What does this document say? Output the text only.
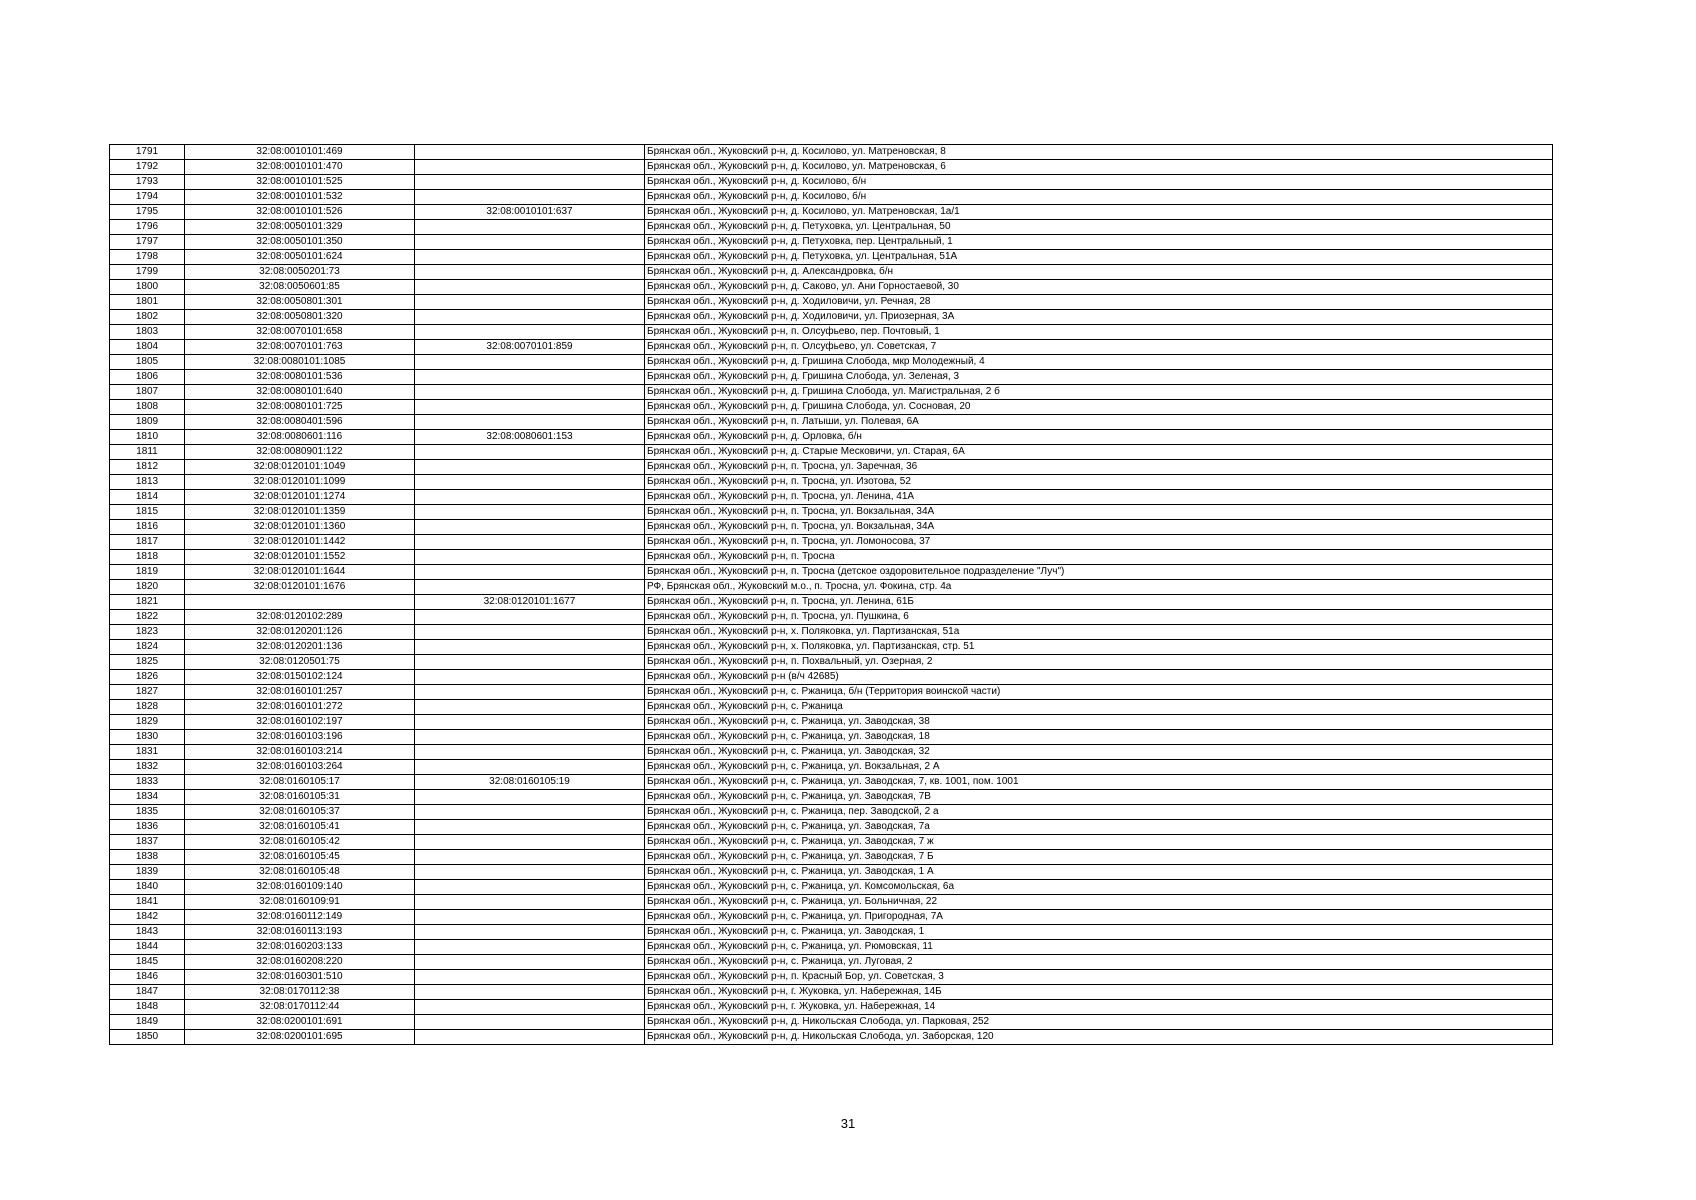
1791	32:08:0010101:469		Брянская обл., Жуковский р-н, д. Косилово, ул. Матреновская, 8
1792	32:08:0010101:470		Брянская обл., Жуковский р-н, д. Косилово, ул. Матреновская, 6
1793	32:08:0010101:525		Брянская обл., Жуковский р-н, д. Косилово, б/н
1794	32:08:0010101:532		Брянская обл., Жуковский р-н, д. Косилово, б/н
1795	32:08:0010101:526	32:08:0010101:637	Брянская обл., Жуковский р-н, д. Косилово, ул. Матреновская, 1а/1
1796	32:08:0050101:329		Брянская обл., Жуковский р-н, д. Петуховка, ул. Центральная, 50
1797	32:08:0050101:350		Брянская обл., Жуковский р-н, д. Петуховка, пер. Центральный, 1
1798	32:08:0050101:624		Брянская обл., Жуковский р-н, д. Петуховка, ул. Центральная, 51А
1799	32:08:0050201:73		Брянская обл., Жуковский р-н, д. Александровка, б/н
1800	32:08:0050601:85		Брянская обл., Жуковский р-н, д. Саково, ул. Ани Горностаевой, 30
1801	32:08:0050801:301		Брянская обл., Жуковский р-н, д. Ходиловичи, ул. Речная, 28
1802	32:08:0050801:320		Брянская обл., Жуковский р-н, д. Ходиловичи, ул. Приозерная, 3А
1803	32:08:0070101:658		Брянская обл., Жуковский р-н, п. Олсуфьево, пер. Почтовый, 1
1804	32:08:0070101:763	32:08:0070101:859	Брянская обл., Жуковский р-н, п. Олсуфьево, ул. Советская, 7
1805	32:08:0080101:1085		Брянская обл., Жуковский р-н, д. Гришина Слобода, мкр Молодежный, 4
1806	32:08:0080101:536		Брянская обл., Жуковский р-н, д. Гришина Слобода, ул. Зеленая, 3
1807	32:08:0080101:640		Брянская обл., Жуковский р-н, д. Гришина Слобода, ул. Магистральная, 2 б
1808	32:08:0080101:725		Брянская обл., Жуковский р-н, д. Гришина Слобода, ул. Сосновая, 20
1809	32:08:0080401:596		Брянская обл., Жуковский р-н, п. Латыши, ул. Полевая, 6А
1810	32:08:0080601:116	32:08:0080601:153	Брянская обл., Жуковский р-н, д. Орловка, б/н
1811	32:08:0080901:122		Брянская обл., Жуковский р-н, д. Старые Месковичи, ул. Старая, 6А
1812	32:08:0120101:1049		Брянская обл., Жуковский р-н, п. Тросна, ул. Заречная, 36
1813	32:08:0120101:1099		Брянская обл., Жуковский р-н, п. Тросна, ул. Изотова, 52
1814	32:08:0120101:1274		Брянская обл., Жуковский р-н, п. Тросна, ул. Ленина, 41А
1815	32:08:0120101:1359		Брянская обл., Жуковский р-н, п. Тросна, ул. Вокзальная, 34А
1816	32:08:0120101:1360		Брянская обл., Жуковский р-н, п. Тросна, ул. Вокзальная, 34А
1817	32:08:0120101:1442		Брянская обл., Жуковский р-н, п. Тросна, ул. Ломоносова, 37
1818	32:08:0120101:1552		Брянская обл., Жуковский р-н, п. Тросна
1819	32:08:0120101:1644		Брянская обл., Жуковский р-н, п. Тросна (детское оздоровительное подразделение "Луч")
1820	32:08:0120101:1676		РФ, Брянская обл., Жуковский м.о., п. Тросна, ул. Фокина, стр. 4а
1821		32:08:0120101:1677	Брянская обл., Жуковский р-н, п. Тросна, ул. Ленина, 61Б
1822	32:08:0120102:289		Брянская обл., Жуковский р-н, п. Тросна, ул. Пушкина, 6
1823	32:08:0120201:126		Брянская обл., Жуковский р-н, х. Поляковка, ул. Партизанская, 51а
1824	32:08:0120201:136		Брянская обл., Жуковский р-н, х. Поляковка, ул. Партизанская, стр. 51
1825	32:08:0120501:75		Брянская обл., Жуковский р-н, п. Похвальный, ул. Озерная, 2
1826	32:08:0150102:124		Брянская обл., Жуковский р-н (в/ч 42685)
1827	32:08:0160101:257		Брянская обл., Жуковский р-н, с. Ржаница, б/н (Территория воинской части)
1828	32:08:0160101:272		Брянская обл., Жуковский р-н, с. Ржаница
1829	32:08:0160102:197		Брянская обл., Жуковский р-н, с. Ржаница, ул. Заводская, 38
1830	32:08:0160103:196		Брянская обл., Жуковский р-н, с. Ржаница, ул. Заводская, 18
1831	32:08:0160103:214		Брянская обл., Жуковский р-н, с. Ржаница, ул. Заводская, 32
1832	32:08:0160103:264		Брянская обл., Жуковский р-н, с. Ржаница, ул. Вокзальная, 2 А
1833	32:08:0160105:17	32:08:0160105:19	Брянская обл., Жуковский р-н, с. Ржаница, ул. Заводская, 7, кв. 1001, пом. 1001
1834	32:08:0160105:31		Брянская обл., Жуковский р-н, с. Ржаница, ул. Заводская, 7В
1835	32:08:0160105:37		Брянская обл., Жуковский р-н, с. Ржаница, пер. Заводской, 2 а
1836	32:08:0160105:41		Брянская обл., Жуковский р-н, с. Ржаница, ул. Заводская, 7а
1837	32:08:0160105:42		Брянская обл., Жуковский р-н, с. Ржаница, ул. Заводская, 7 ж
1838	32:08:0160105:45		Брянская обл., Жуковский р-н, с. Ржаница, ул. Заводская, 7 Б
1839	32:08:0160105:48		Брянская обл., Жуковский р-н, с. Ржаница, ул. Заводская, 1 А
1840	32:08:0160109:140		Брянская обл., Жуковский р-н, с. Ржаница, ул. Комсомольская, 6а
1841	32:08:0160109:91		Брянская обл., Жуковский р-н, с. Ржаница, ул. Больничная, 22
1842	32:08:0160112:149		Брянская обл., Жуковский р-н, с. Ржаница, ул. Пригородная, 7А
1843	32:08:0160113:193		Брянская обл., Жуковский р-н, с. Ржаница, ул. Заводская, 1
1844	32:08:0160203:133		Брянская обл., Жуковский р-н, с. Ржаница, ул. Рюмовская, 11
1845	32:08:0160208:220		Брянская обл., Жуковский р-н, с. Ржаница, ул. Луговая, 2
1846	32:08:0160301:510		Брянская обл., Жуковский р-н, п. Красный Бор, ул. Советская, 3
1847	32:08:0170112:38		Брянская обл., Жуковский р-н, г. Жуковка, ул. Набережная, 14Б
1848	32:08:0170112:44		Брянская обл., Жуковский р-н, г. Жуковка, ул. Набережная, 14
1849	32:08:0200101:691		Брянская обл., Жуковский р-н, д. Никольская Слобода, ул. Парковая, 252
1850	32:08:0200101:695		Брянская обл., Жуковский р-н, д. Никольская Слобода, ул. Заборская, 120
31
